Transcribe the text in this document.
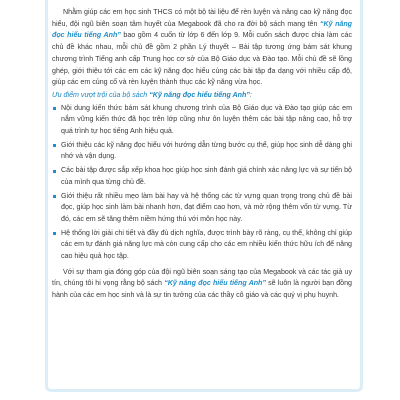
Nhằm giúp các em học sinh THCS có một bộ tài liệu để rèn luyện và nâng cao kỹ năng đọc hiểu, đội ngũ biên soạn tâm huyết của Megabook đã cho ra đời bộ sách mang tên “Kỹ năng đọc hiểu tiếng Anh” bao gồm 4 cuốn từ lớp 6 đến lớp 9. Mỗi cuốn sách được chia làm các chủ đề khác nhau, mỗi chủ đề gồm 2 phần Lý thuyết – Bài tập tương ứng bám sát khung chương trình Tiếng anh cấp Trung học cơ sở của Bộ Giáo dục và Đào tạo. Mỗi chủ đề sẽ lồng ghép, giới thiệu tới các em các kỹ năng đọc hiểu cùng các bài tập đa dạng với nhiều cấp độ, giúp các em củng cố và rèn luyện thành thục các kỹ năng vừa học.

Ưu điểm vượt trội của bộ sách “Kỹ năng đọc hiểu tiếng Anh”:

Nội dung kiến thức bám sát khung chương trình của Bộ Giáo dục và Đào tạo giúp các em nắm vững kiến thức đã học trên lớp cũng như ôn luyện thêm các bài tập nâng cao, hỗ trợ quá trình tự học tiếng Anh hiệu quả.
Giới thiệu các kỹ năng đọc hiểu với hướng dẫn từng bước cụ thể, giúp học sinh dễ dàng ghi nhớ và vận dụng.
Các bài tập được sắp xếp khoa học giúp học sinh đánh giá chính xác năng lực và sự tiến bộ của mình qua từng chủ đề.
Giới thiệu rất nhiều mẹo làm bài hay và hệ thống các từ vựng quan trọng trong chủ đề bài đọc, giúp học sinh làm bài nhanh hơn, đạt điểm cao hơn, và mở rộng thêm vốn từ vựng. Từ đó, các em sẽ tăng thêm niềm hứng thú với môn học này.
Hệ thống lời giải chi tiết và đầy đủ dịch nghĩa, được trình bày rõ ràng, cụ thể, không chỉ giúp các em tự đánh giá năng lực mà còn cung cấp cho các em nhiều kiến thức hữu ích để nâng cao hiệu quả học tập.

Với sự tham gia đóng góp của đội ngũ biên soạn sáng tạo của Megabook và các tác giả uy tín, chúng tôi hi vọng rằng bộ sách “Kỹ năng đọc hiểu tiếng Anh” sẽ luôn là người bạn đồng hành của các em học sinh và là sự tin tưởng của các thầy cô giáo và các quý vị phụ huynh.
